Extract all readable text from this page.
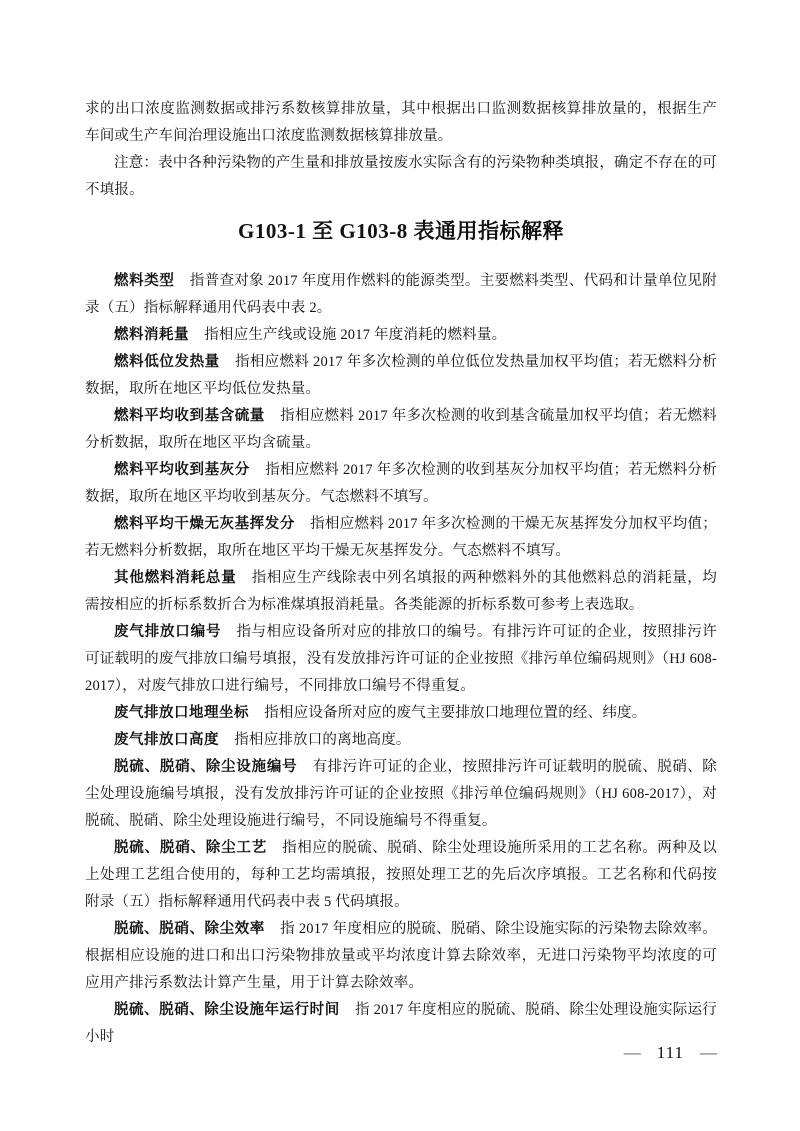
求的出口浓度监测数据或排污系数核算排放量，其中根据出口监测数据核算排放量的，根据生产车间或生产车间治理设施出口浓度监测数据核算排放量。

注意：表中各种污染物的产生量和排放量按废水实际含有的污染物种类填报，确定不存在的可不填报。

G103-1 至 G103-8 表通用指标解释

燃料类型 指普查对象 2017 年度用作燃料的能源类型。主要燃料类型、代码和计量单位见附录（五）指标解释通用代码表中表 2。

燃料消耗量 指相应生产线或设施 2017 年度消耗的燃料量。

燃料低位发热量 指相应燃料 2017 年多次检测的单位低位发热量加权平均值；若无燃料分析数据，取所在地区平均低位发热量。

燃料平均收到基含硫量 指相应燃料 2017 年多次检测的收到基含硫量加权平均值；若无燃料分析数据，取所在地区平均含硫量。

燃料平均收到基灰分 指相应燃料 2017 年多次检测的收到基灰分加权平均值；若无燃料分析数据，取所在地区平均收到基灰分。气态燃料不填写。

燃料平均干燥无灰基挥发分 指相应燃料 2017 年多次检测的干燥无灰基挥发分加权平均值；若无燃料分析数据，取所在地区平均干燥无灰基挥发分。气态燃料不填写。

其他燃料消耗总量 指相应生产线除表中列名填报的两种燃料外的其他燃料总的消耗量，均需按相应的折标系数折合为标准煤填报消耗量。各类能源的折标系数可参考上表选取。

废气排放口编号 指与相应设备所对应的排放口的编号。有排污许可证的企业，按照排污许可证载明的废气排放口编号填报，没有发放排污许可证的企业按照《排污单位编码规则》（HJ 608-2017），对废气排放口进行编号，不同排放口编号不得重复。

废气排放口地理坐标 指相应设备所对应的废气主要排放口地理位置的经、纬度。

废气排放口高度 指相应排放口的离地高度。

脱硫、脱硝、除尘设施编号 有排污许可证的企业，按照排污许可证载明的脱硫、脱硝、除尘处理设施编号填报，没有发放排污许可证的企业按照《排污单位编码规则》（HJ 608-2017），对脱硫、脱硝、除尘处理设施进行编号，不同设施编号不得重复。

脱硫、脱硝、除尘工艺 指相应的脱硫、脱硝、除尘处理设施所采用的工艺名称。两种及以上处理工艺组合使用的，每种工艺均需填报，按照处理工艺的先后次序填报。工艺名称和代码按附录（五）指标解释通用代码表中表 5 代码填报。

脱硫、脱硝、除尘效率 指 2017 年度相应的脱硫、脱硝、除尘设施实际的污染物去除效率。根据相应设施的进口和出口污染物排放量或平均浓度计算去除效率，无进口污染物平均浓度的可应用产排污系数法计算产生量，用于计算去除效率。

脱硫、脱硝、除尘设施年运行时间 指 2017 年度相应的脱硫、脱硝、除尘处理设施实际运行小时

— 111 —
